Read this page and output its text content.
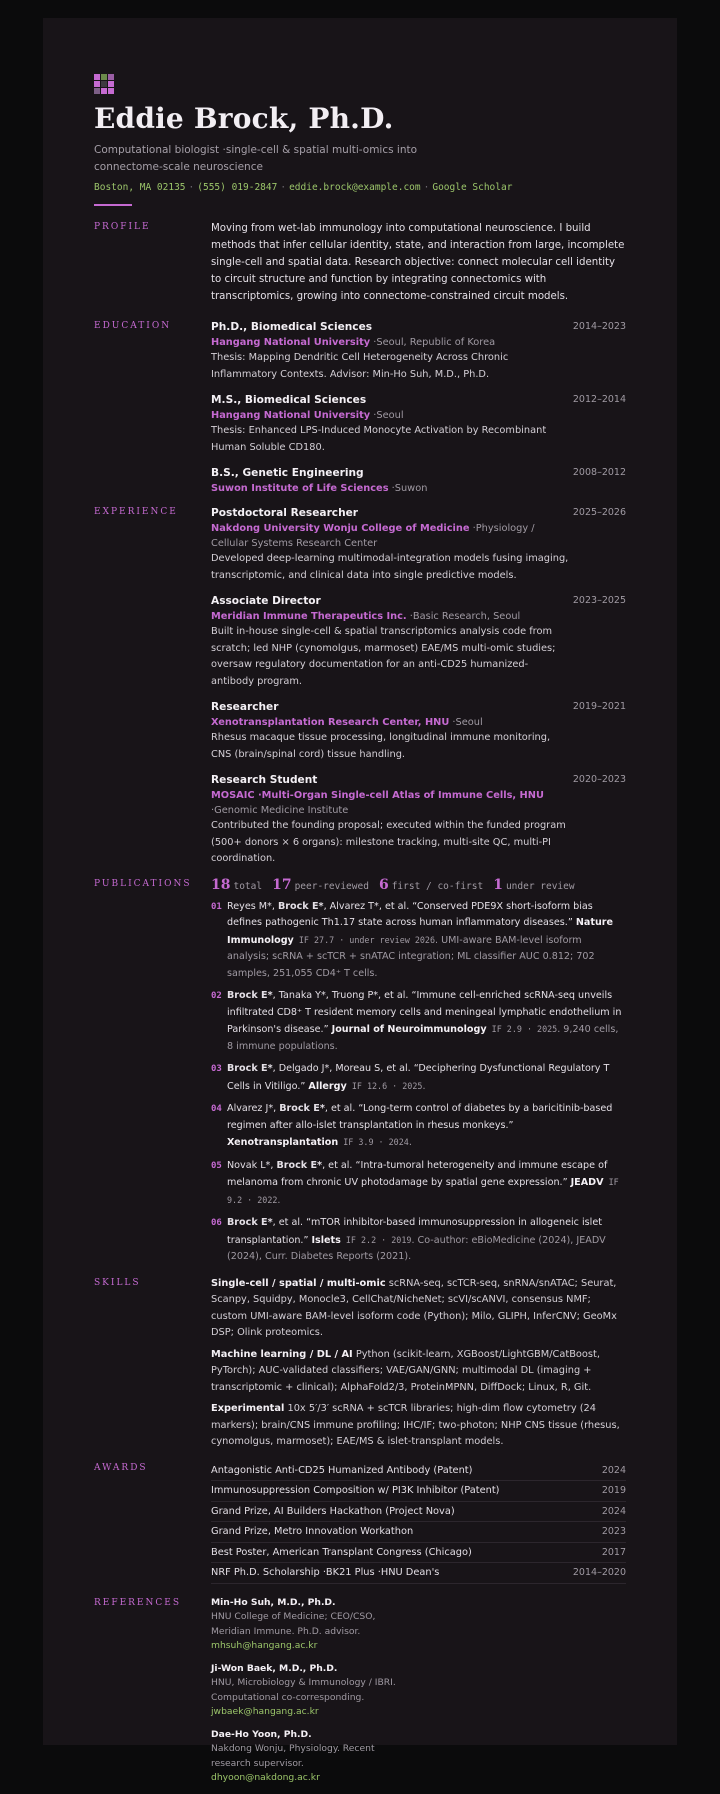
Eddie Brock, Ph.D.
Computational biologist ·single-cell & spatial multi-omics into connectome-scale neuroscience
Boston, MA 02135 · (555) 019-2847 · eddie.brock@example.com · Google Scholar
PROFILE	Moving from wet-lab immunology into computational neuroscience. I build methods that infer cellular identity, state, and interaction from large, incomplete single-cell and spatial data. Research objective: connect molecular cell identity to circuit structure and function by integrating connectomics with transcriptomics, growing into connectome-constrained circuit models.
EDUCATION	Ph.D., Biomedical Sciences	2014–2023
Hangang National University ·Seoul, Republic of Korea
Thesis: Mapping Dendritic Cell Heterogeneity Across Chronic Inflammatory Contexts. Advisor: Min-Ho Suh, M.D., Ph.D.
M.S., Biomedical Sciences	2012–2014
Hangang National University ·Seoul
Thesis: Enhanced LPS-Induced Monocyte Activation by Recombinant Human Soluble CD180.
B.S., Genetic Engineering	2008–2012
Suwon Institute of Life Sciences ·Suwon
EXPERIENCE	Postdoctoral Researcher	2025–2026
Nakdong University Wonju College of Medicine ·Physiology / Cellular Systems Research Center
Developed deep-learning multimodal-integration models fusing imaging, transcriptomic, and clinical data into single predictive models.
Associate Director	2023–2025
Meridian Immune Therapeutics Inc. ·Basic Research, Seoul
Built in-house single-cell & spatial transcriptomics analysis code from scratch; led NHP (cynomolgus, marmoset) EAE/MS multi-omic studies; oversaw regulatory documentation for an anti-CD25 humanized-antibody program.
Researcher	2019–2021
Xenotransplantation Research Center, HNU ·Seoul
Rhesus macaque tissue processing, longitudinal immune monitoring, CNS (brain/spinal cord) tissue handling.
Research Student	2020–2023
MOSAIC ·Multi-Organ Single-cell Atlas of Immune Cells, HNU ·Genomic Medicine Institute
Contributed the founding proposal; executed within the funded program (500+ donors × 6 organs): milestone tracking, multi-site QC, multi-PI coordination.
PUBLICATIONS 18 total 17 peer-reviewed 6 first / co-first 1 under review
01 Reyes M*, Brock E*, Alvarez T*, et al. “Conserved PDE9X short-isoform bias defines pathogenic Th1.17 state across human inflammatory diseases.” Nature Immunology IF 27.7 · under review 2026. UMI-aware BAM-level isoform analysis; scRNA + scTCR + snATAC integration; ML classifier AUC 0.812; 702 samples, 251,055 CD4⁺ T cells.
02 Brock E*, Tanaka Y*, Truong P*, et al. “Immune cell-enriched scRNA-seq unveils infiltrated CD8⁺ T resident memory cells and meningeal lymphatic endothelium in Parkinson's disease.” Journal of Neuroimmunology IF 2.9 · 2025. 9,240 cells, 8 immune populations.
03 Brock E*, Delgado J*, Moreau S, et al. “Deciphering Dysfunctional Regulatory T Cells in Vitiligo.” Allergy IF 12.6 · 2025.
04 Alvarez J*, Brock E*, et al. “Long-term control of diabetes by a baricitinib-based regimen after allo-islet transplantation in rhesus monkeys.” Xenotransplantation IF 3.9 · 2024.
05 Novak L*, Brock E*, et al. “Intra-tumoral heterogeneity and immune escape of melanoma from chronic UV photodamage by spatial gene expression.” JEADV IF 9.2 · 2022.
06 Brock E*, et al. “mTOR inhibitor-based immunosuppression in allogeneic islet transplantation.” Islets IF 2.2 · 2019. Co-author: eBioMedicine (2024), JEADV (2024), Curr. Diabetes Reports (2021).
SKILLS	Single-cell / spatial / multi-omic scRNA-seq, scTCR-seq, snRNA/snATAC; Seurat, Scanpy, Squidpy, Monocle3, CellChat/NicheNet; scVI/scANVI, consensus NMF; custom UMI-aware BAM-level isoform code (Python); Milo, GLIPH, InferCNV; GeoMx DSP; Olink proteomics.
Machine learning / DL / AI Python (scikit-learn, XGBoost/LightGBM/CatBoost, PyTorch); AUC-validated classifiers; VAE/GAN/GNN; multimodal DL (imaging + transcriptomic + clinical); AlphaFold2/3, ProteinMPNN, DiffDock; Linux, R, Git.
Experimental 10x 5′/3′ scRNA + scTCR libraries; high-dim flow cytometry (24 markers); brain/CNS immune profiling; IHC/IF; two-photon; NHP CNS tissue (rhesus, cynomolgus, marmoset); EAE/MS & islet-transplant models.
AWARDS	Antagonistic Anti-CD25 Humanized Antibody (Patent)	2024
Immunosuppression Composition w/ PI3K Inhibitor (Patent)	2019
Grand Prize, AI Builders Hackathon (Project Nova)	2024
Grand Prize, Metro Innovation Workathon	2023
Best Poster, American Transplant Congress (Chicago)	2017
NRF Ph.D. Scholarship ·BK21 Plus ·HNU Dean's	2014–2020
REFERENCES	Min-Ho Suh, M.D., Ph.D.
HNU College of Medicine; CEO/CSO, Meridian Immune. Ph.D. advisor.
mhsuh@hangang.ac.kr
Ji-Won Baek, M.D., Ph.D.
HNU, Microbiology & Immunology / IBRI. Computational co-corresponding.
jwbaek@hangang.ac.kr
Dae-Ho Yoon, Ph.D.
Nakdong Wonju, Physiology. Recent research supervisor.
dhyoon@nakdong.ac.kr
